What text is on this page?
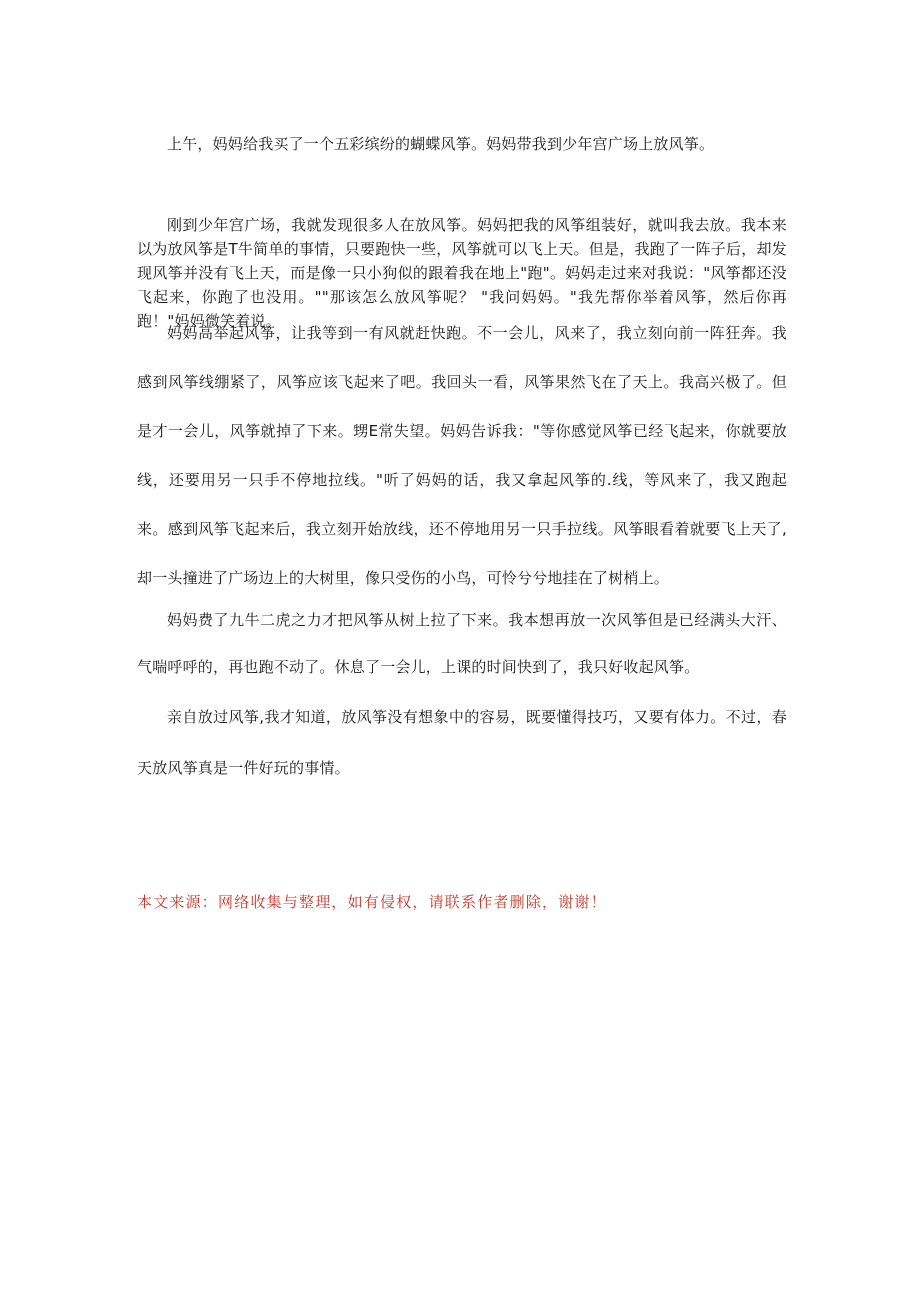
上午，妈妈给我买了一个五彩缤纷的蝴蝶风筝。妈妈带我到少年宫广场上放风筝。

刚到少年宫广场，我就发现很多人在放风筝。妈妈把我的风筝组装好，就叫我去放。我本来以为放风筝是T牛简单的事情，只要跑快一些，风筝就可以飞上天。但是，我跑了一阵子后，却发现风筝并没有飞上天，而是像一只小狗似的跟着我在地上"跑"。妈妈走过来对我说："风筝都还没飞起来，你跑了也没用。""那该怎么放风筝呢？ "我问妈妈。"我先帮你举着风筝，然后你再跑！"妈妈微笑着说。

妈妈高举起风筝，让我等到一有风就赶快跑。不一会儿，风来了，我立刻向前一阵狂奔。我感到风筝线绷紧了，风筝应该飞起来了吧。我回头一看，风筝果然飞在了天上。我高兴极了。但是才一会儿，风筝就掉了下来。甥E常失望。妈妈告诉我："等你感觉风筝已经飞起来，你就要放线，还要用另一只手不停地拉线。"听了妈妈的话，我又拿起风筝的.线，等风来了，我又跑起来。感到风筝飞起来后，我立刻开始放线，还不停地用另一只手拉线。风筝眼看着就要飞上天了,却一头撞进了广场边上的大树里，像只受伤的小鸟，可怜兮兮地挂在了树梢上。

妈妈费了九牛二虎之力才把风筝从树上拉了下来。我本想再放一次风筝但是已经满头大汗、气喘呼呼的，再也跑不动了。休息了一会儿，上课的时间快到了，我只好收起风筝。

亲自放过风筝,我才知道，放风筝没有想象中的容易，既要懂得技巧，又要有体力。不过，春天放风筝真是一件好玩的事情。

本文来源：网络收集与整理，如有侵权，请联系作者删除，谢谢！
